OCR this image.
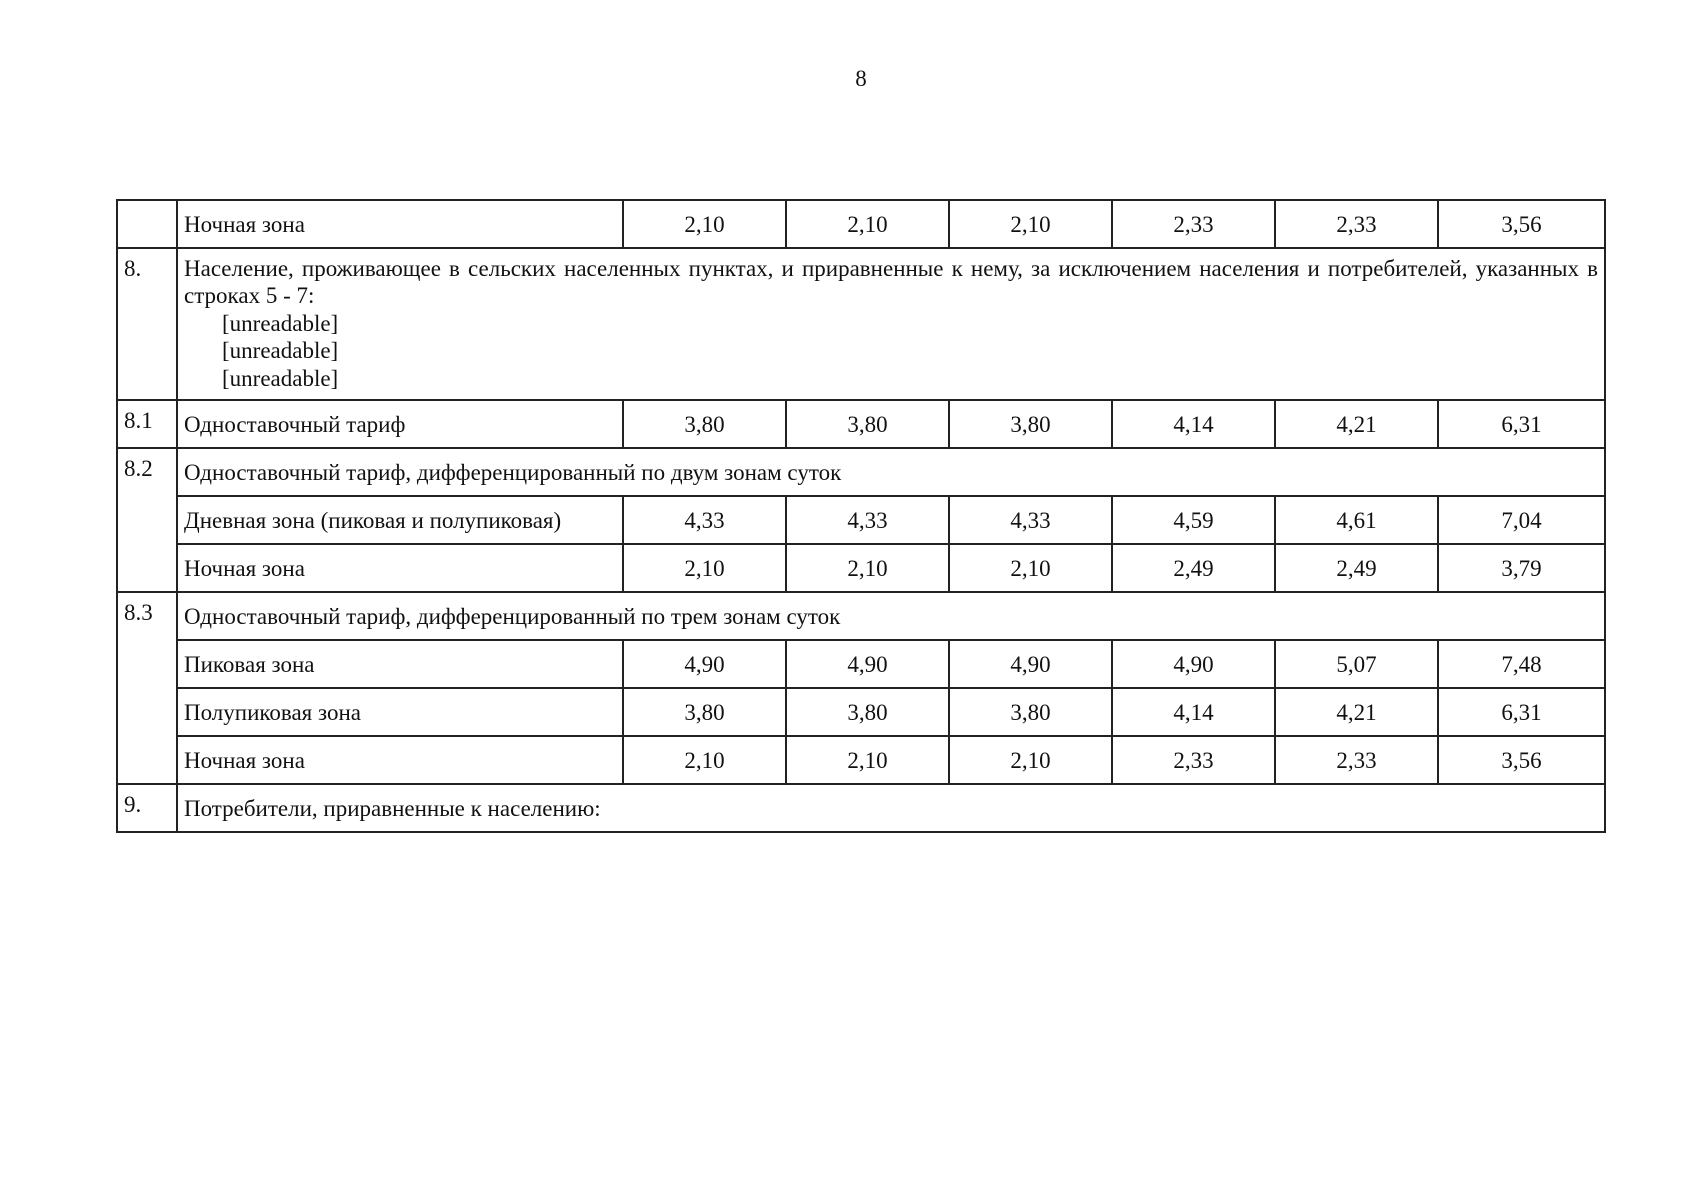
8
	Ночная зона	2,10	2,10	2,10	2,33	2,33	3,56
8.	Население, проживающее в сельских населенных пунктах, и приравненные к нему, за исключением населения и потребителей, указанных в строках 5 - 7:

[unreadable]

[unreadable]

[unreadable]						

8.1	Одноставочный тариф	3,80	3,80	3,80	4,14	4,21	6,31
8.2	Одноставочный тариф, дифференцированный по двум зонам суток						
	Дневная зона (пиковая и полупиковая)	4,33	4,33	4,33	4,59	4,61	7,04
	Ночная зона	2,10	2,10	2,10	2,49	2,49	3,79
8.3	Одноставочный тариф, дифференцированный по трем зонам суток						
	Пиковая зона	4,90	4,90	4,90	4,90	5,07	7,48
	Полупиковая зона	3,80	3,80	3,80	4,14	4,21	6,31
	Ночная зона	2,10	2,10	2,10	2,33	2,33	3,56
9.	Потребители, приравненные к населению:						
